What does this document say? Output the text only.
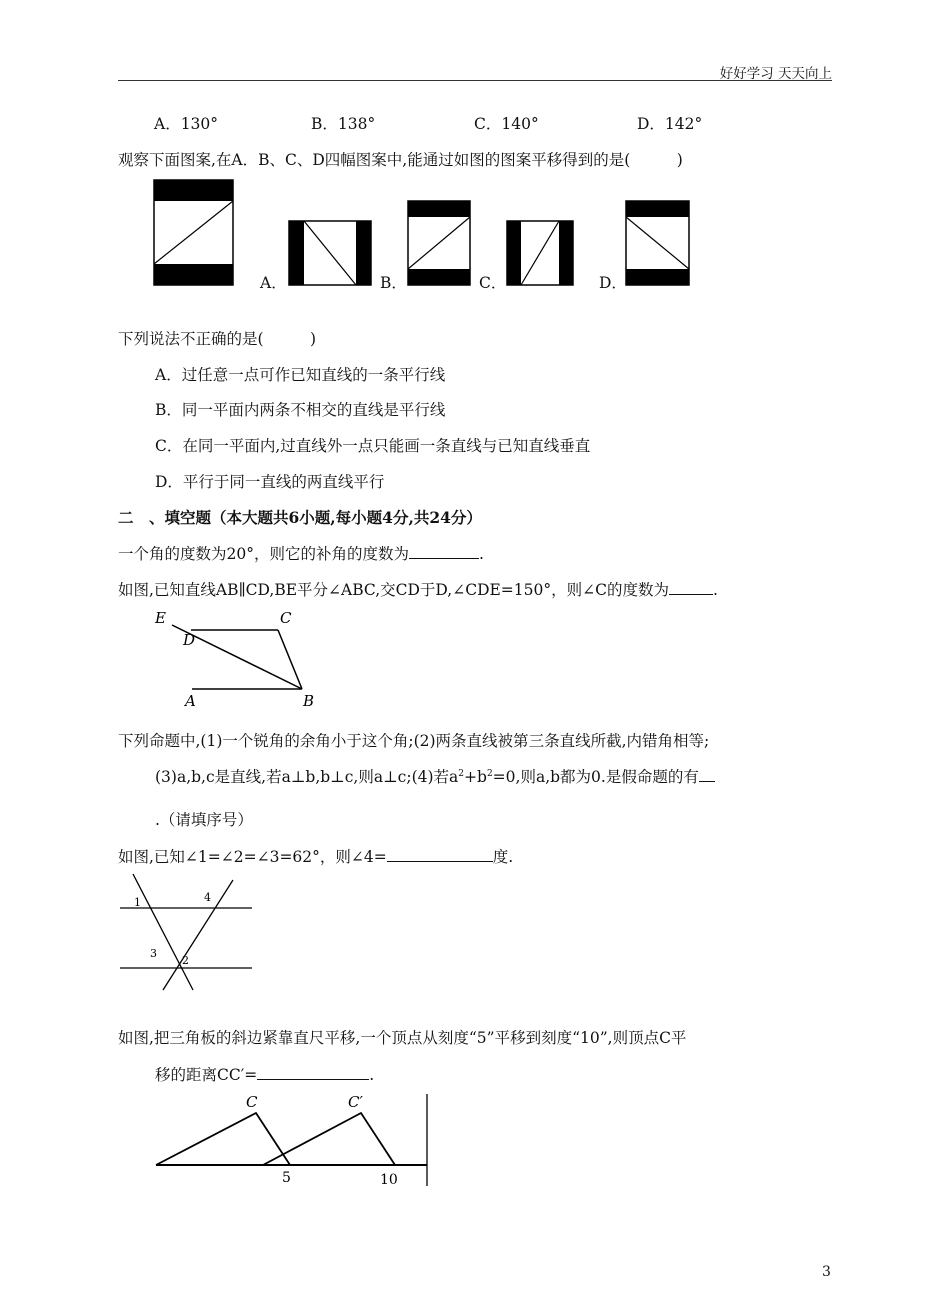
好好学习 天天向上
A．130°	B．138°	C．140°	D．142°
观察下面图案,在A．B、C、D四幅图案中,能通过如图的图案平移得到的是(　　　)
A．	B．	C．	D．
下列说法不正确的是(　　　)
A．过任意一点可作已知直线的一条平行线
B．同一平面内两条不相交的直线是平行线
C．在同一平面内,过直线外一点只能画一条直线与已知直线垂直
D．平行于同一直线的两直线平行
二　、填空题（本大题共6小题,每小题4分,共24分）
一个角的度数为20°，则它的补角的度数为	.
如图,已知直线AB∥CD,BE平分∠ABC,交CD于D,∠CDE=150°，则∠C的度数为	.
E
D
C
A	B
下列命题中,(1)一个锐角的余角小于这个角;(2)两条直线被第三条直线所截,内错角相等;
(3)a,b,c是直线,若a⊥b,b⊥c,则a⊥c;(4)若$a^2+b^2=0$,则a,b都为0.是假命题的有
.（请填序号）
如图,已知∠1=∠2=∠3=62°，则∠4=	度.
1
2
3
4
如图,把三角板的斜边紧靠直尺平移,一个顶点从刻度“5”平移到刻度“10”,则顶点C平
移的距离CC′=	.
C	C′
5	10
3
